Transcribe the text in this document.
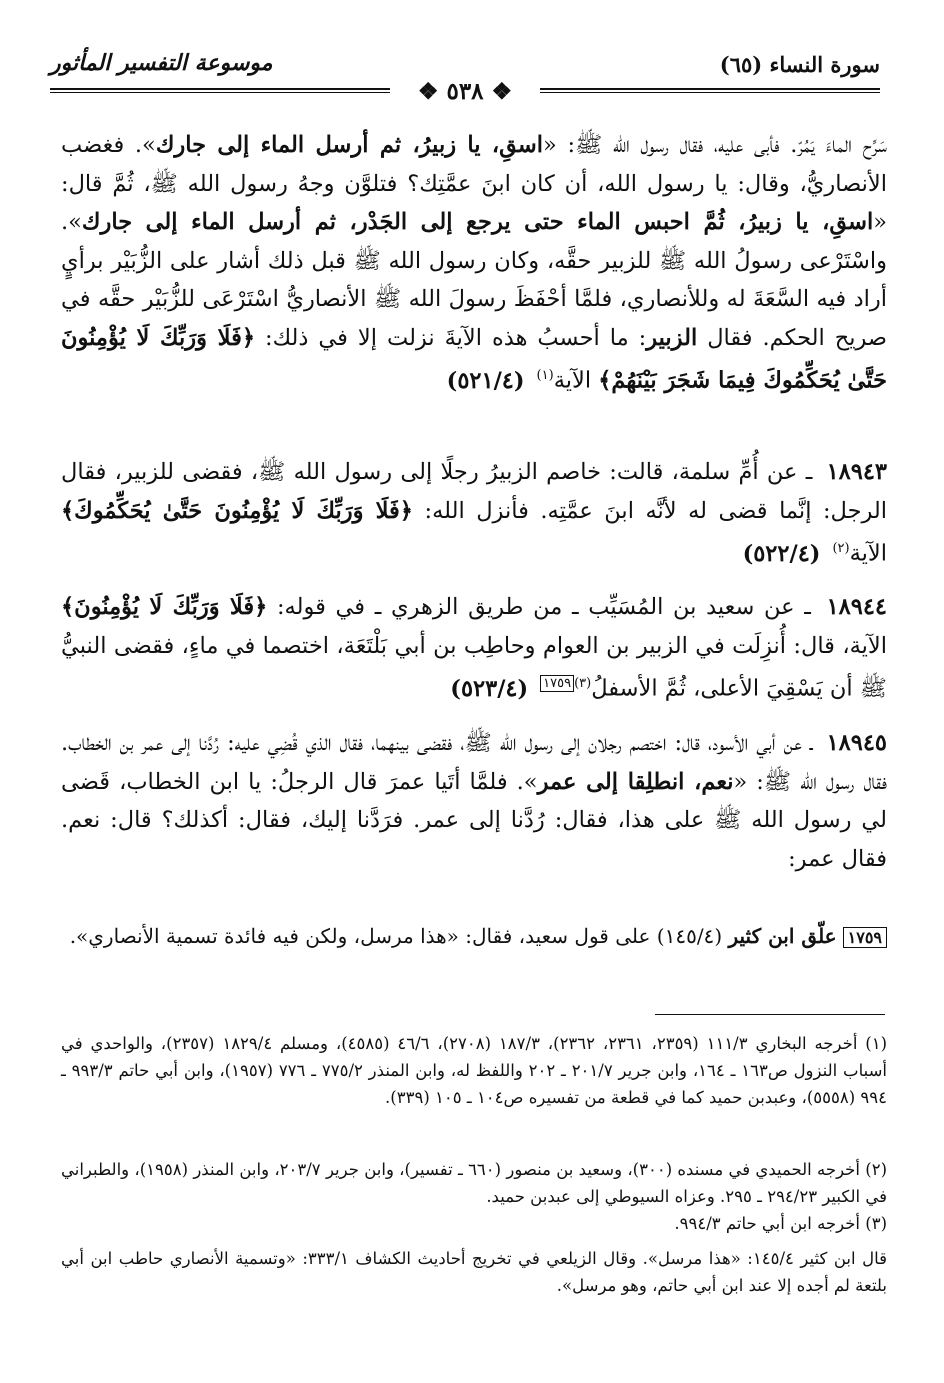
سورة النساء (٦٥)
موسوعة التفسير المأثور
❖ ٥٣٨ ❖
سَرِّح الماءَ يَمُرّ. فأبى عليه، فقال رسول الله ﷺ: «اسقِ، يا زبيرُ، ثم أرسل الماء إلى جارك». فغضب الأنصاريُّ، وقال: يا رسول الله، أن كان ابنَ عمَّتِك؟ فتلوَّن وجهُ رسول الله ﷺ، ثُمَّ قال: «اسقِ، يا زبيرُ، ثُمَّ احبس الماء حتى يرجع إلى الجَدْر، ثم أرسل الماء إلى جارك». واسْتَرْعى رسولُ الله ﷺ للزبير حقَّه، وكان رسول الله ﷺ قبل ذلك أشار على الزُّبَيْر برأيٍ أراد فيه السَّعَةَ له وللأنصاري، فلمَّا أحْفَظَ رسولَ الله ﷺ الأنصاريُّ اسْتَرْعَى للزُّبَيْر حقَّه في صريح الحكم. فقال الزبير: ما أحسبُ هذه الآيةَ نزلت إلا في ذلك: ﴿فَلَا وَرَبِّكَ لَا يُؤْمِنُونَ حَتَّىٰ يُحَكِّمُوكَ فِيمَا شَجَرَ بَيْنَهُمْ﴾ الآية$^{(١)}$(٥٢١/٤)
١٨٩٤٣ ـ عن أُمِّ سلمة، قالت: خاصم الزبيرُ رجلًا إلى رسول الله ﷺ، فقضى للزبير، فقال الرجل: إنَّما قضى له لأنَّه ابنَ عمَّتِه. فأنزل الله: ﴿فَلَا وَرَبِّكَ لَا يُؤْمِنُونَ حَتَّىٰ يُحَكِّمُوكَ﴾ الآية$^{(٢)}$(٥٢٢/٤)
١٨٩٤٤ ـ عن سعيد بن المُسَيِّب ـ من طريق الزهري ـ في قوله: ﴿فَلَا وَرَبِّكَ لَا يُؤْمِنُونَ﴾ الآية، قال: أُنزِلَت في الزبير بن العوام وحاطِب بن أبي بَلْتَعَة، اختصما في ماءٍ، فقضى النبيُّ ﷺ أن يَسْقِيَ الأعلى، ثُمَّ الأسفلُ$^{(٣)١٧٥٩}$(٥٢٣/٤)
١٨٩٤٥ ـ عن أبي الأسود، قال: اختصم رجلان إلى رسول الله ﷺ، فقضى بينهما، فقال الذي قُضِي عليه: رُدَّنا إلى عمر بن الخطاب. فقال رسول الله ﷺ: «نعم، انطلِقا إلى عمر». فلمَّا أتَيا عمرَ قال الرجلُ: يا ابن الخطاب، قَضى لي رسول الله ﷺ على هذا، فقال: رُدَّنا إلى عمر. فرَدَّنا إليك، فقال: أكذلك؟ قال: نعم. فقال عمر:
١٧٥٩علّق ابن كثير (١٤٥/٤) على قول سعيد، فقال: «هذا مرسل، ولكن فيه فائدة تسمية الأنصاري».
(١) أخرجه البخاري ١١١/٣ (٢٣٥٩، ٢٣٦١، ٢٣٦٢)، ١٨٧/٣ (٢٧٠٨)، ٤٦/٦ (٤٥٨٥)، ومسلم ١٨٢٩/٤ (٢٣٥٧)، والواحدي في أسباب النزول ص١٦٣ ـ ١٦٤، وابن جرير ٢٠١/٧ ـ ٢٠٢ واللفظ له، وابن المنذر ٧٧٥/٢ ـ ٧٧٦ (١٩٥٧)، وابن أبي حاتم ٩٩٣/٣ ـ ٩٩٤ (٥٥٥٨)، وعبدبن حميد كما في قطعة من تفسيره ص١٠٤ ـ ١٠٥ (٣٣٩).
(٢) أخرجه الحميدي في مسنده (٣٠٠)، وسعيد بن منصور (٦٦٠ ـ تفسير)، وابن جرير ٢٠٣/٧، وابن المنذر (١٩٥٨)، والطبراني في الكبير ٢٩٤/٢٣ ـ ٢٩٥. وعزاه السيوطي إلى عبدبن حميد.
(٣) أخرجه ابن أبي حاتم ٩٩٤/٣.
قال ابن كثير ١٤٥/٤: «هذا مرسل». وقال الزيلعي في تخريج أحاديث الكشاف ٣٣٣/١: «وتسمية الأنصاري حاطب ابن أبي بلتعة لم أجده إلا عند ابن أبي حاتم، وهو مرسل».
